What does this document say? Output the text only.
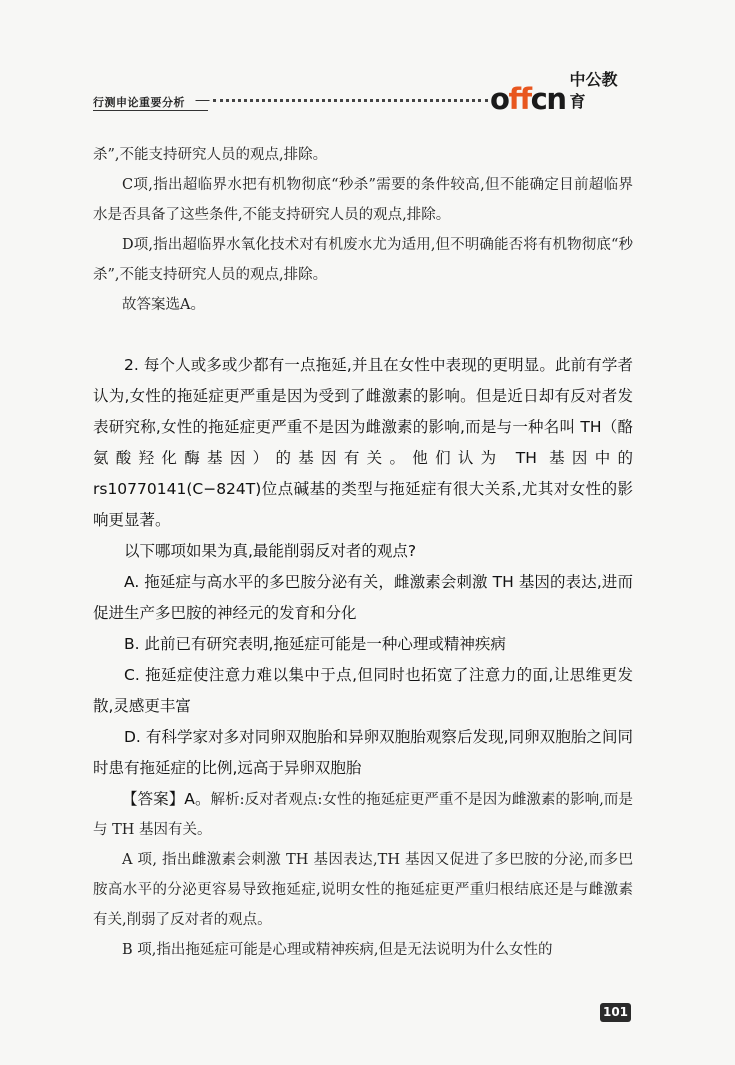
行测申论重要分析	offcn
中公教育

杀”,不能支持研究人员的观点,排除。

C项,指出超临界水把有机物彻底“秒杀”需要的条件较高,但不能确定目前超临界水是否具备了这些条件,不能支持研究人员的观点,排除。

D项,指出超临界水氧化技术对有机废水尤为适用,但不明确能否将有机物彻底“秒杀”,不能支持研究人员的观点,排除。

故答案选A。

2. 每个人或多或少都有一点拖延,并且在女性中表现的更明显。此前有学者认为,女性的拖延症更严重是因为受到了雌激素的影响。但是近日却有反对者发表研究称,女性的拖延症更严重不是因为雌激素的影响,而是与一种名叫 TH（酪氨酸羟化酶基因）的基因有关。他们认为 TH 基因中的 rs10770141(C−824T)位点碱基的类型与拖延症有很大关系,尤其对女性的影响更显著。

以下哪项如果为真,最能削弱反对者的观点?

A. 拖延症与高水平的多巴胺分泌有关，雌激素会刺激 TH 基因的表达,进而促进生产多巴胺的神经元的发育和分化

B. 此前已有研究表明,拖延症可能是一种心理或精神疾病

C. 拖延症使注意力难以集中于点,但同时也拓宽了注意力的面,让思维更发散,灵感更丰富

D. 有科学家对多对同卵双胞胎和异卵双胞胎观察后发现,同卵双胞胎之间同时患有拖延症的比例,远高于异卵双胞胎

【答案】A。解析:反对者观点:女性的拖延症更严重不是因为雌激素的影响,而是与 TH 基因有关。

A 项, 指出雌激素会刺激 TH 基因表达,TH 基因又促进了多巴胺的分泌,而多巴胺高水平的分泌更容易导致拖延症,说明女性的拖延症更严重归根结底还是与雌激素有关,削弱了反对者的观点。

B 项,指出拖延症可能是心理或精神疾病,但是无法说明为什么女性的

101
